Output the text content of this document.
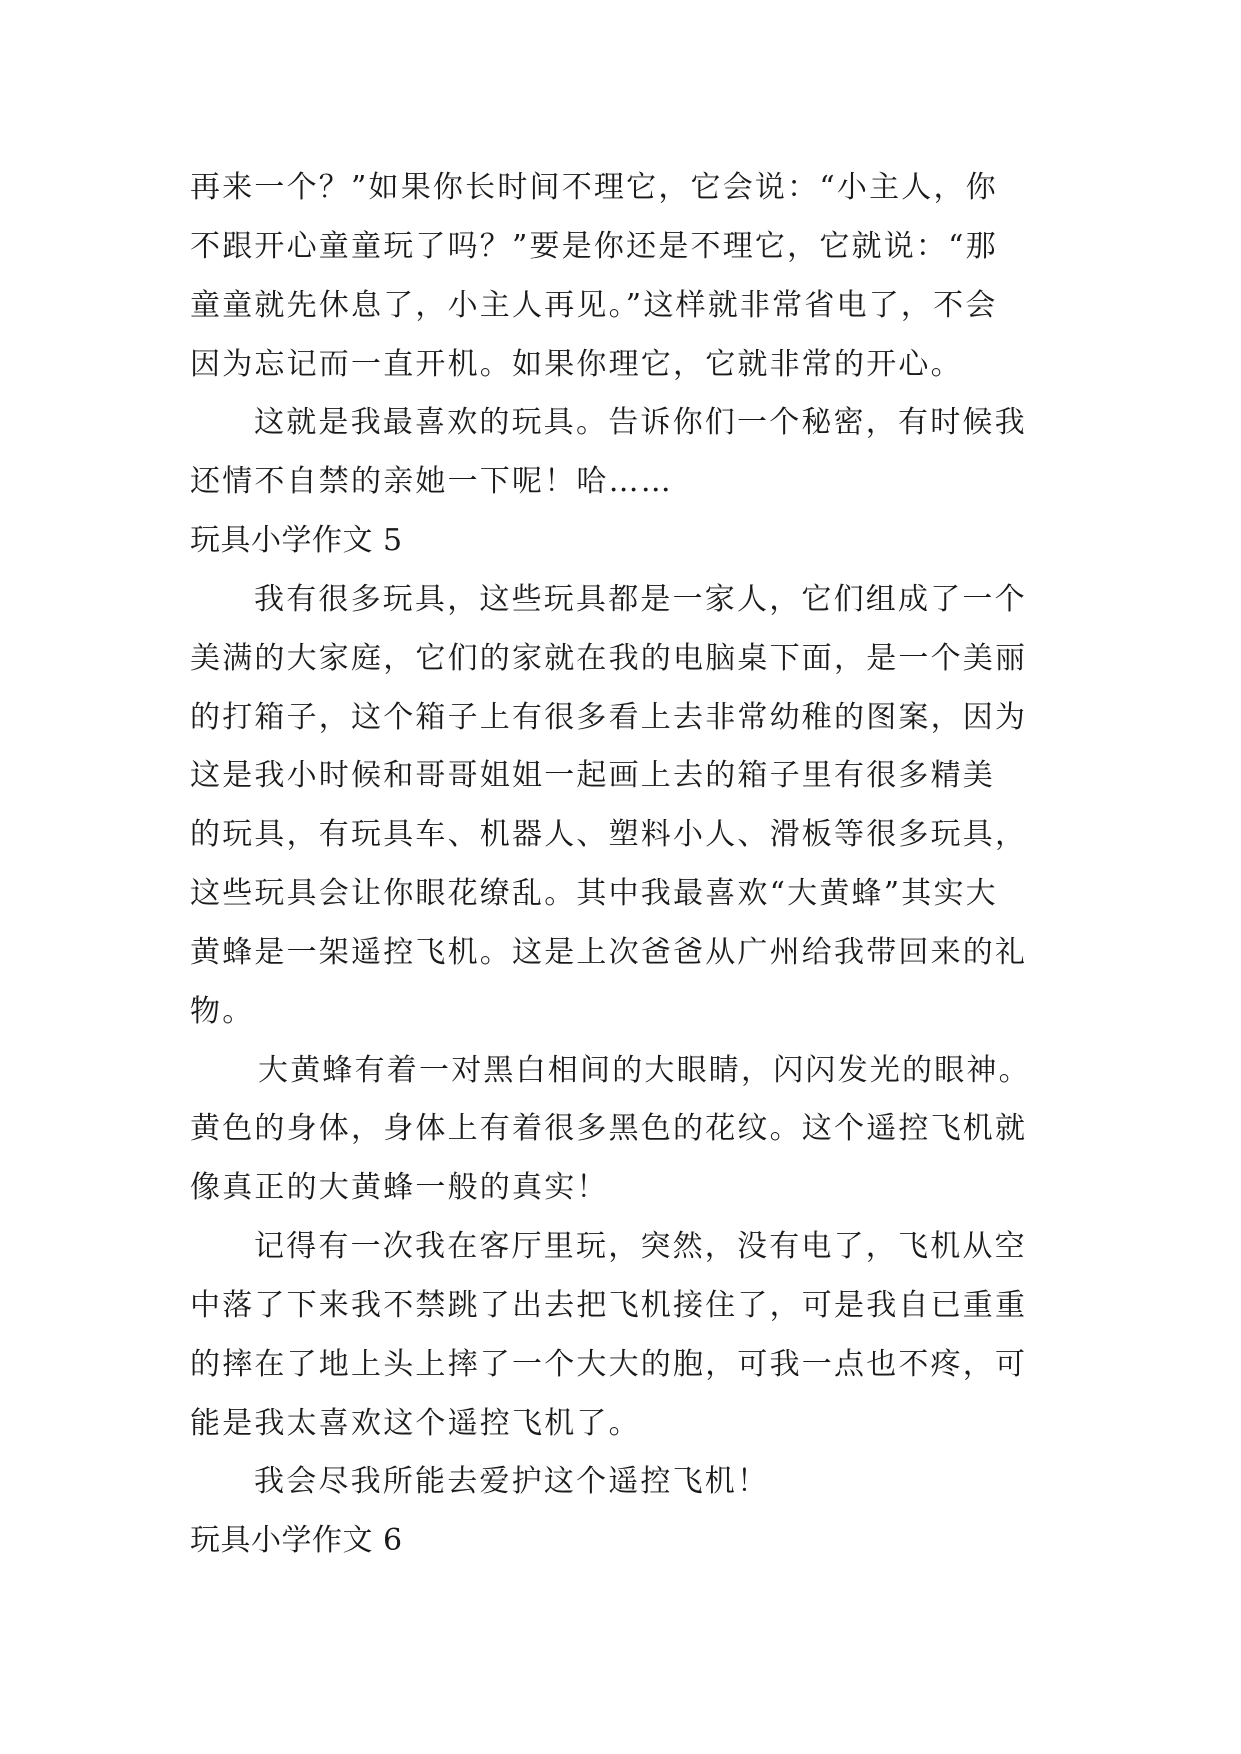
再来一个？”如果你长时间不理它，它会说：“小主人，你
不跟开心童童玩了吗？”要是你还是不理它，它就说：“那
童童就先休息了，小主人再见。”这样就非常省电了，不会
因为忘记而一直开机。如果你理它，它就非常的开心。
这就是我最喜欢的玩具。告诉你们一个秘密，有时候我
还情不自禁的亲她一下呢！哈……
玩具小学作文 5
我有很多玩具，这些玩具都是一家人，它们组成了一个
美满的大家庭，它们的家就在我的电脑桌下面，是一个美丽
的打箱子，这个箱子上有很多看上去非常幼稚的图案，因为
这是我小时候和哥哥姐姐一起画上去的箱子里有很多精美
的玩具，有玩具车、机器人、塑料小人、滑板等很多玩具，
这些玩具会让你眼花缭乱。其中我最喜欢“大黄蜂”其实大
黄蜂是一架遥控飞机。这是上次爸爸从广州给我带回来的礼
物。
大黄蜂有着一对黑白相间的大眼睛，闪闪发光的眼神。
黄色的身体，身体上有着很多黑色的花纹。这个遥控飞机就
像真正的大黄蜂一般的真实！
记得有一次我在客厅里玩，突然，没有电了，飞机从空
中落了下来我不禁跳了出去把飞机接住了，可是我自已重重
的摔在了地上头上摔了一个大大的胞，可我一点也不疼，可
能是我太喜欢这个遥控飞机了。
我会尽我所能去爱护这个遥控飞机！
玩具小学作文 6
